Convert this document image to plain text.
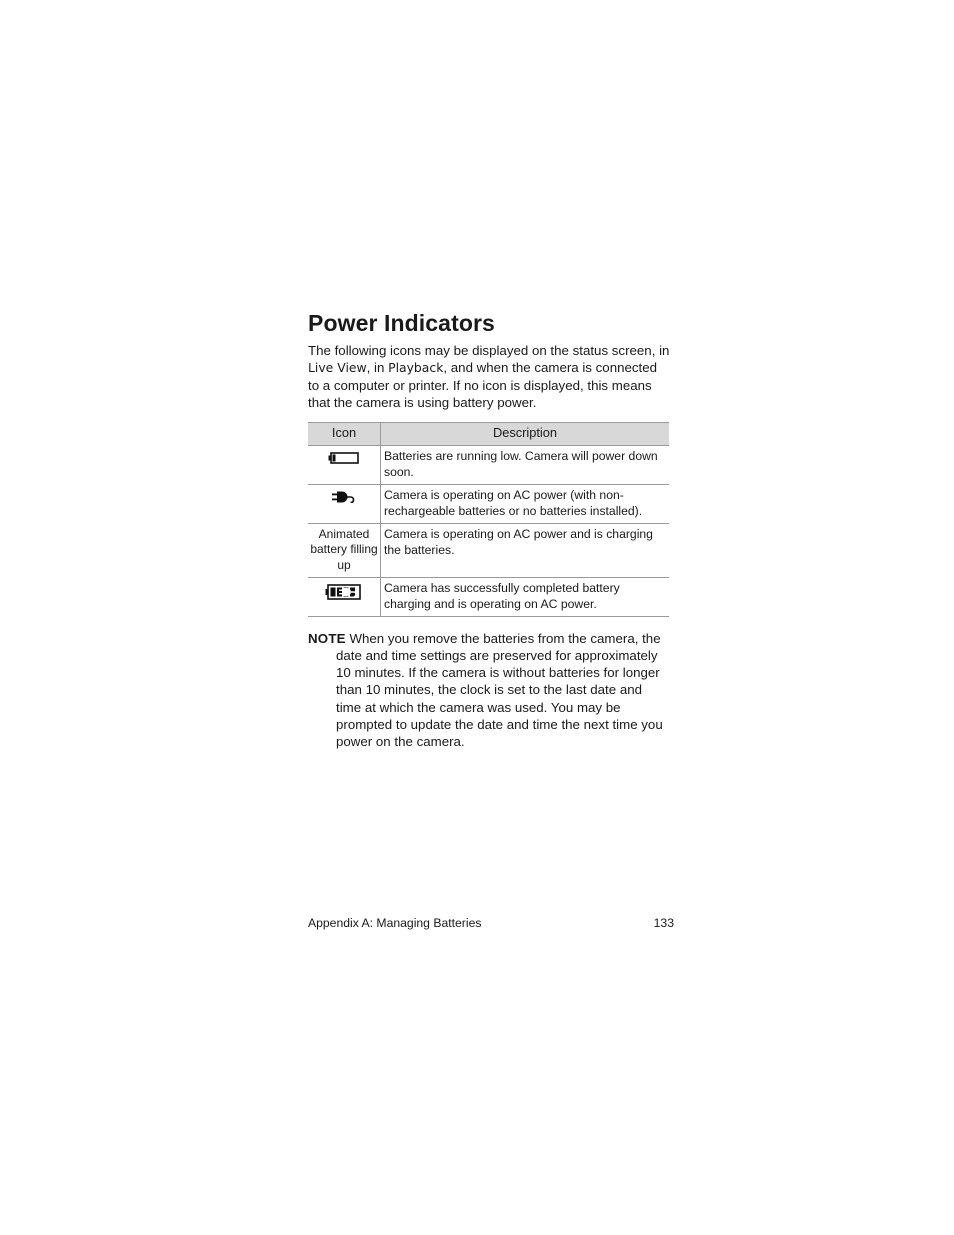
Power Indicators

The following icons may be displayed on the status screen, in Live View, in Playback, and when the camera is connected to a computer or printer. If no icon is displayed, this means that the camera is using battery power.

Icon	Description
	Batteries are running low. Camera will power down soon.
	Camera is operating on AC power (with non-rechargeable batteries or no batteries installed).

Animated battery filling up	Camera is operating on AC power and is charging the batteries.
	Camera has successfully completed battery charging and is operating on AC power.
NOTE When you remove the batteries from the camera, the date and time settings are preserved for approximately 10 minutes. If the camera is without batteries for longer than 10 minutes, the clock is set to the last date and time at which the camera was used. You may be prompted to update the date and time the next time you power on the camera.
Appendix A: Managing Batteries	133
